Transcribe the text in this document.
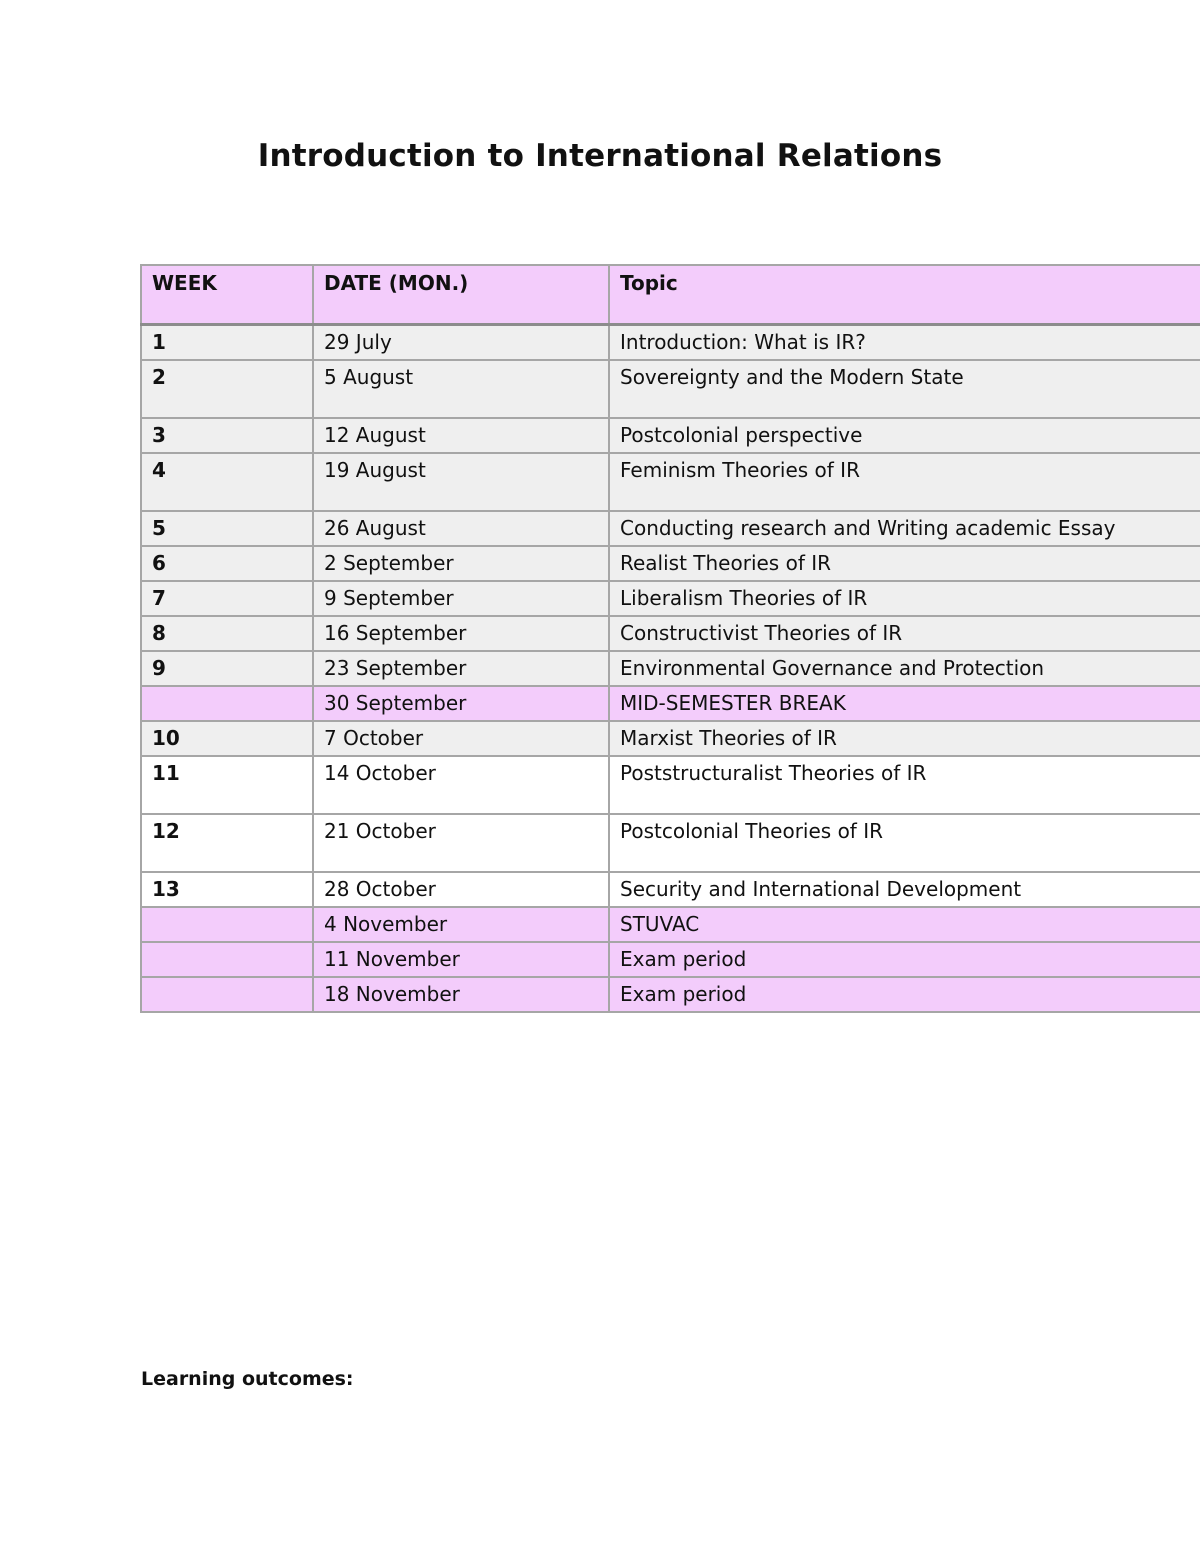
Introduction to International Relations
WEEK	DATE (MON.)	Topic
1	29 July	Introduction: What is IR?
2	5 August	Sovereignty and the Modern State
3	12 August	Postcolonial perspective
4	19 August	Feminism Theories of IR
5	26 August	Conducting research and Writing academic Essay
6	2 September	Realist Theories of IR
7	9 September	Liberalism Theories of IR
8	16 September	Constructivist Theories of IR
9	23 September	Environmental Governance and Protection
	30 September	MID-SEMESTER BREAK
10	7 October	Marxist Theories of IR
11	14 October	Poststructuralist Theories of IR
12	21 October	Postcolonial Theories of IR
13	28 October	Security and International Development
	4 November	STUVAC
	11 November	Exam period
	18 November	Exam period

Learning outcomes:
